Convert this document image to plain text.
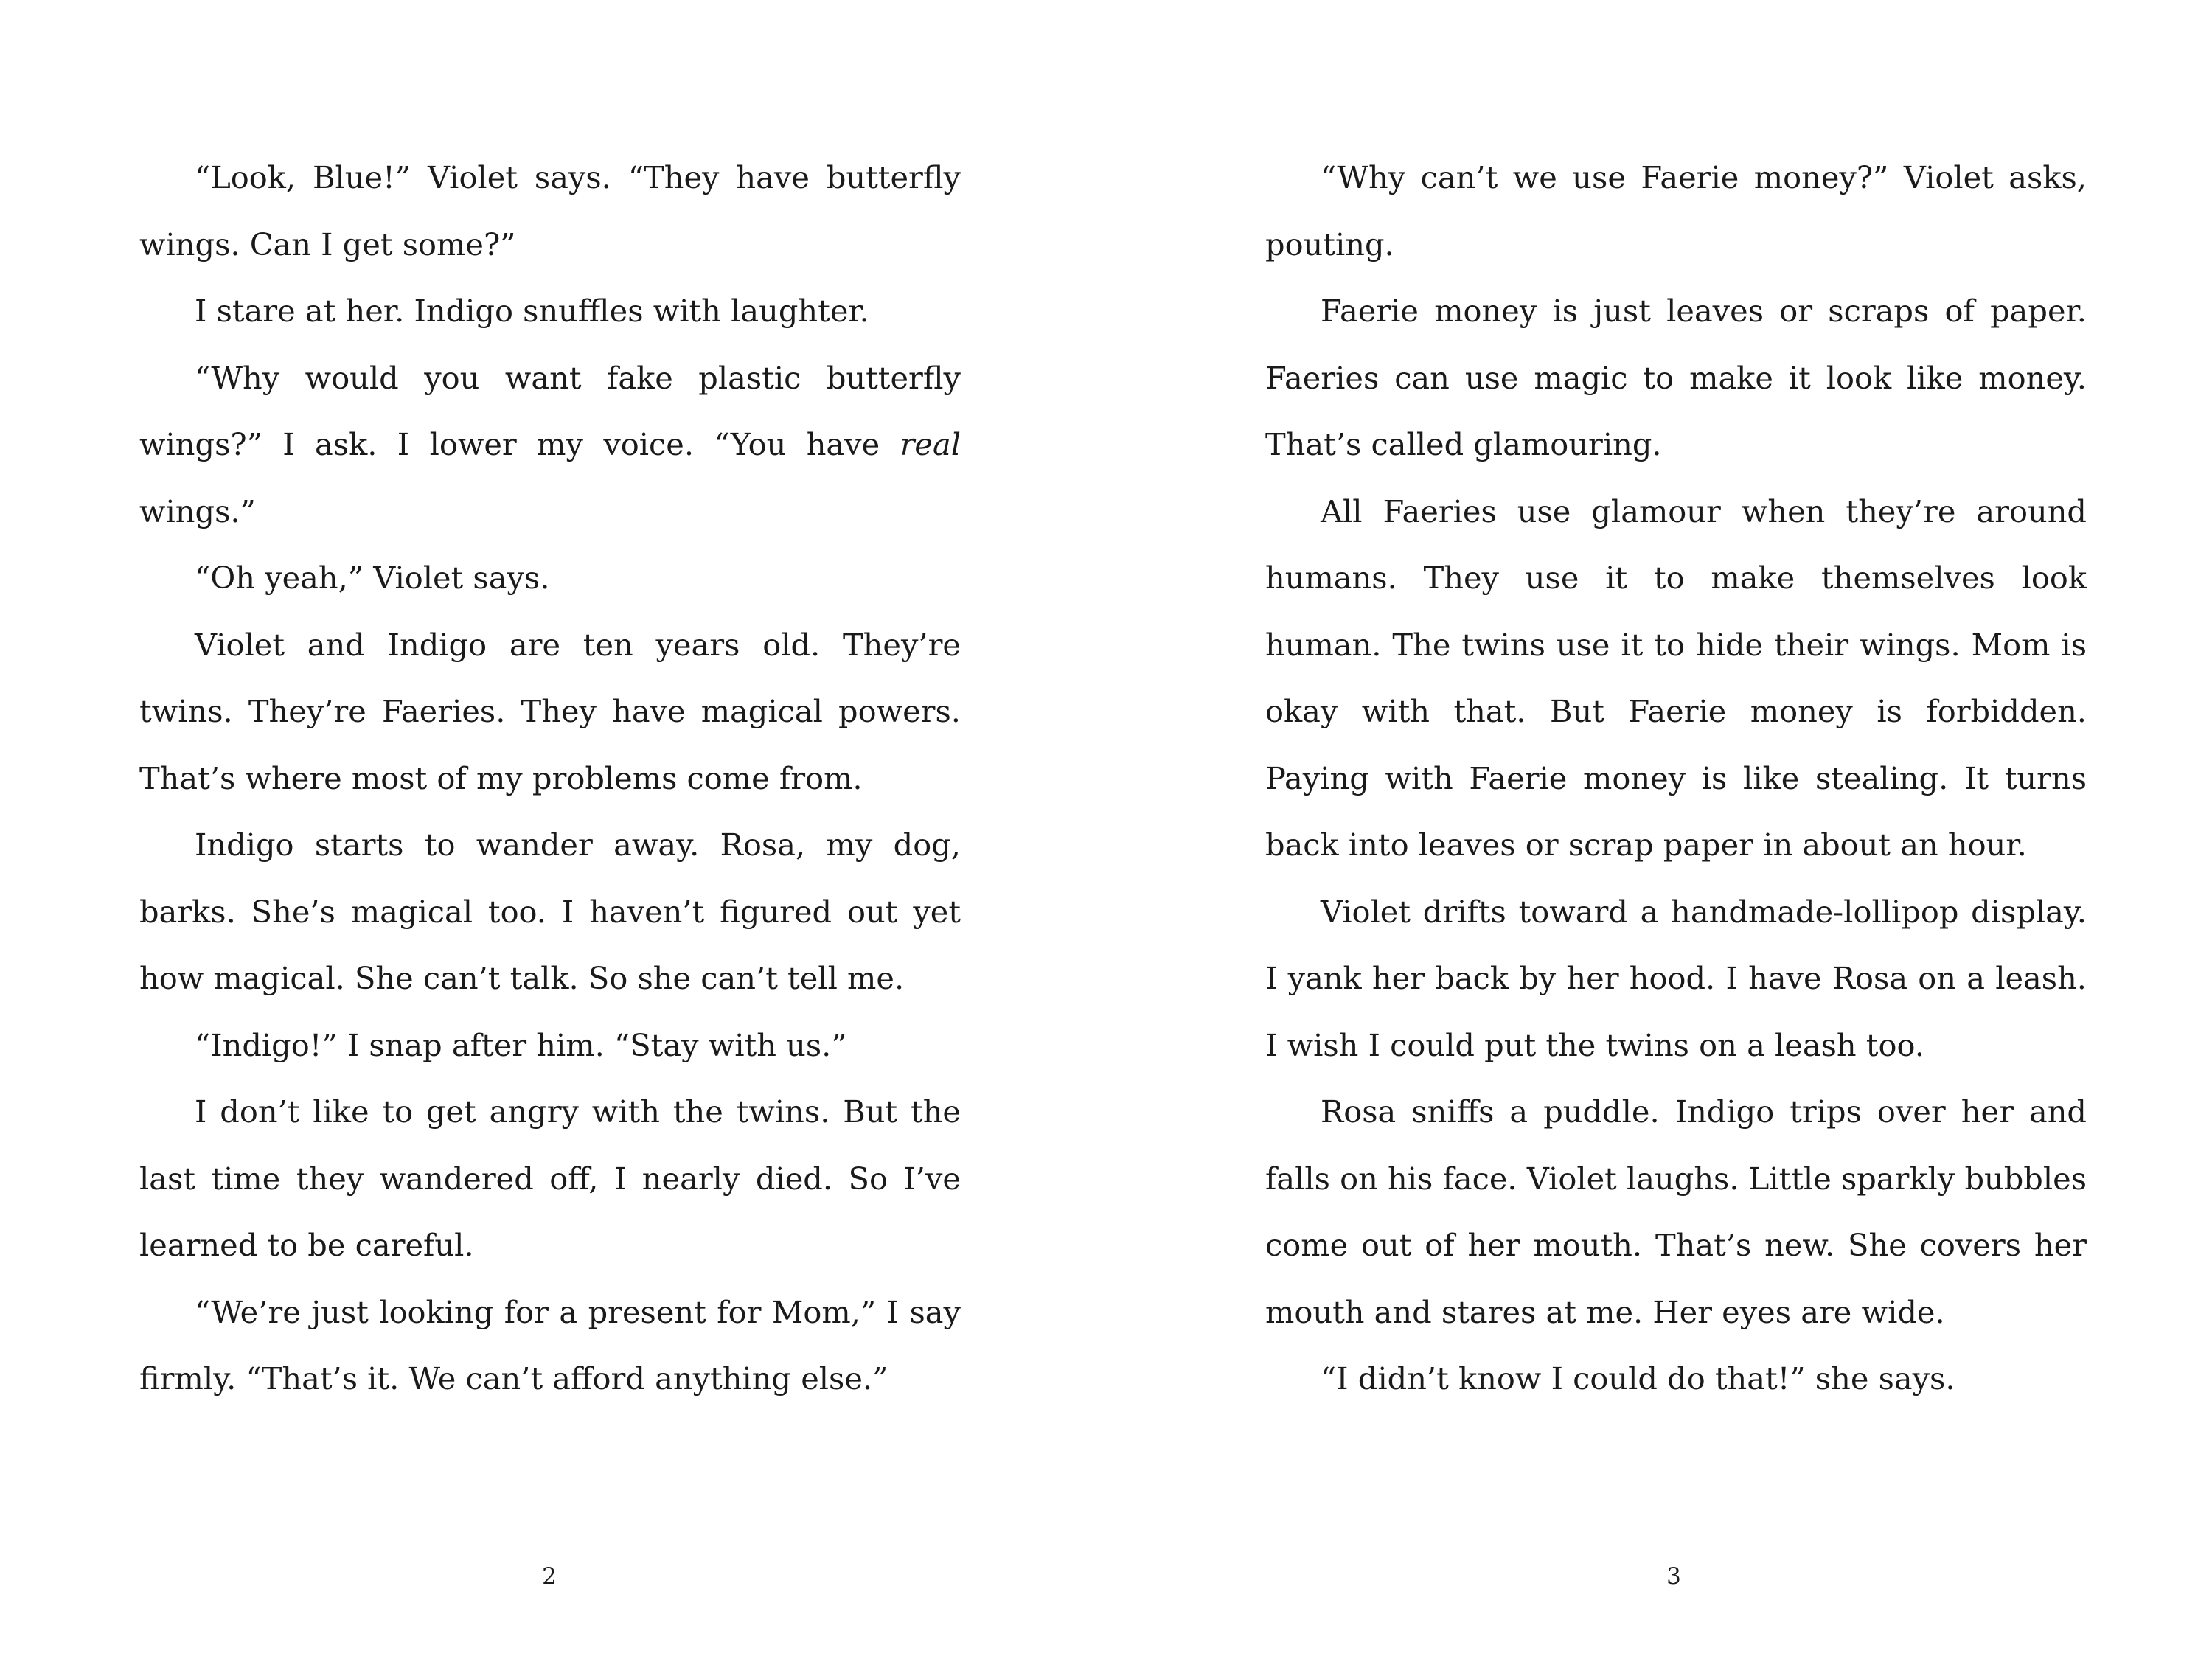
“Look, Blue!” Violet says. “They have butterfly wings. Can I get some?”

I stare at her. Indigo snuffles with laughter.

“Why would you want fake plastic butterfly wings?” I ask. I lower my voice. “You have real wings.”

“Oh yeah,” Violet says.

Violet and Indigo are ten years old. They’re twins. They’re Faeries. They have magical powers. That’s where most of my problems come from.

Indigo starts to wander away. Rosa, my dog, barks. She’s magical too. I haven’t figured out yet how magical. She can’t talk. So she can’t tell me.

“Indigo!” I snap after him. “Stay with us.”

I don’t like to get angry with the twins. But the last time they wandered off, I nearly died. So I’ve learned to be careful.

“We’re just looking for a present for Mom,” I say firmly. “That’s it. We can’t afford anything else.”

2

“Why can’t we use Faerie money?” Violet asks, pouting.

Faerie money is just leaves or scraps of paper. Faeries can use magic to make it look like money. That’s called glamouring.

All Faeries use glamour when they’re around humans. They use it to make themselves look human. The twins use it to hide their wings. Mom is okay with that. But Faerie money is forbidden. Paying with Faerie money is like stealing. It turns back into leaves or scrap paper in about an hour.

Violet drifts toward a handmade-lollipop display. I yank her back by her hood. I have Rosa on a leash. I wish I could put the twins on a leash too.

Rosa sniffs a puddle. Indigo trips over her and falls on his face. Violet laughs. Little sparkly bubbles come out of her mouth. That’s new. She covers her mouth and stares at me. Her eyes are wide.

“I didn’t know I could do that!” she says.

3
